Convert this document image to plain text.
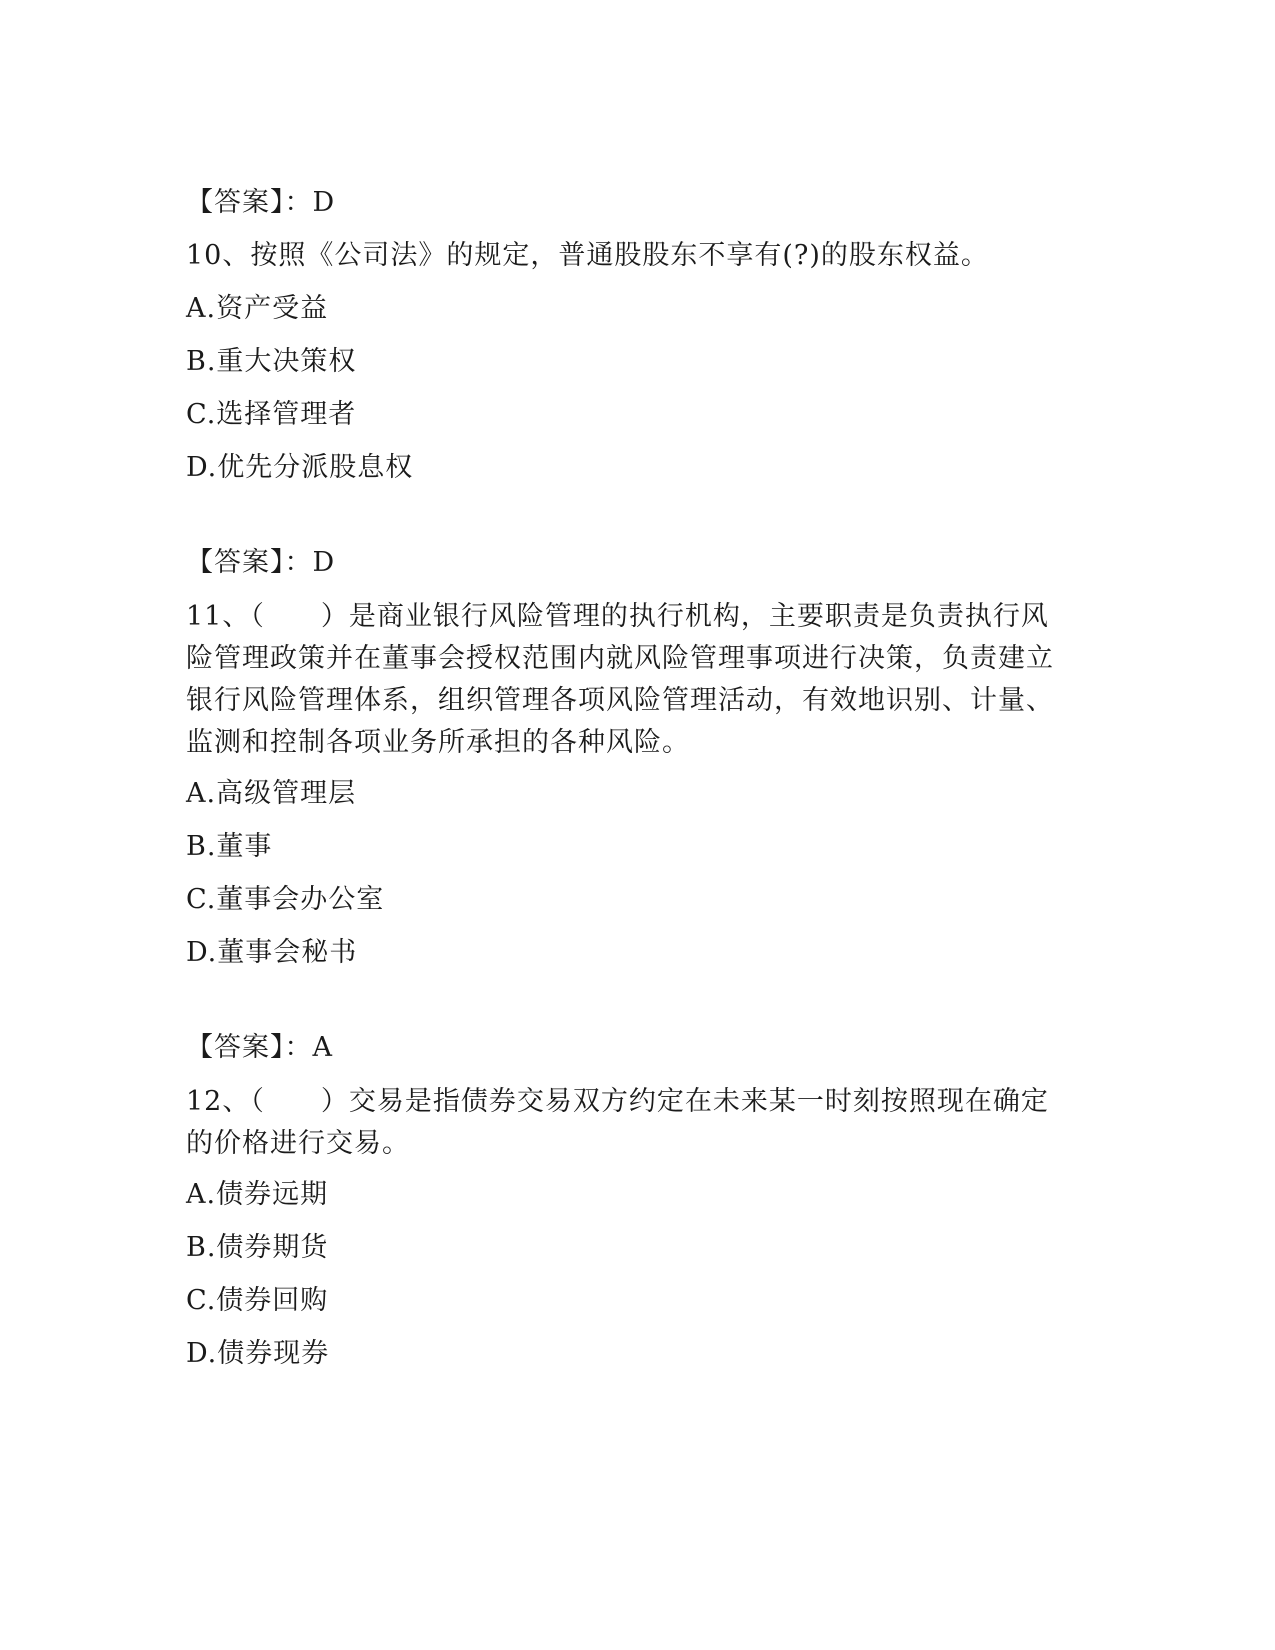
【答案】：D
10、按照《公司法》的规定，普通股股东不享有(?)的股东权益。
A.资产受益
B.重大决策权
C.选择管理者
D.优先分派股息权
【答案】：D
11、（　　）是商业银行风险管理的执行机构，主要职责是负责执行风险管理政策并在董事会授权范围内就风险管理事项进行决策，负责建立银行风险管理体系，组织管理各项风险管理活动，有效地识别、计量、监测和控制各项业务所承担的各种风险。
A.高级管理层
B.董事
C.董事会办公室
D.董事会秘书
【答案】：A
12、（　　）交易是指债券交易双方约定在未来某一时刻按照现在确定的价格进行交易。
A.债券远期
B.债券期货
C.债券回购
D.债券现券
